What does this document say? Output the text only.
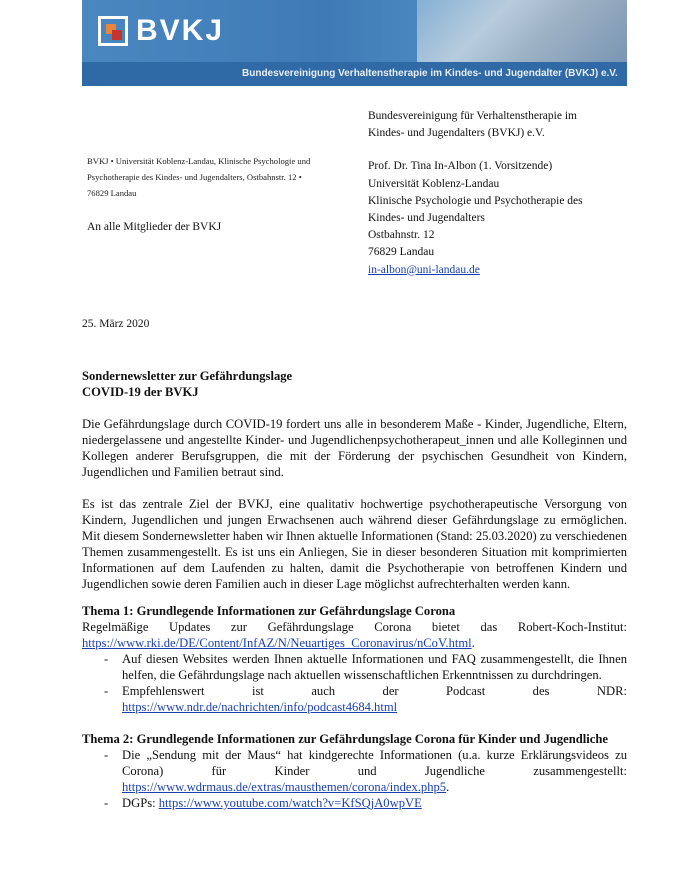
BVKJ
Bundesvereinigung Verhaltenstherapie im Kindes- und Jugendalter (BVKJ) e.V.
BVKJ • Universität Koblenz-Landau, Klinische Psychologie und
Psychotherapie des Kindes- und Jugendalters, Ostbahnstr. 12 •
76829 Landau
An alle Mitglieder der BVKJ

Bundesvereinigung für Verhaltenstherapie im

Kindes- und Jugendalters (BVKJ) e.V.

Prof. Dr. Tina In-Albon (1. Vorsitzende)

Universität Koblenz-Landau

Klinische Psychologie und Psychotherapie des

Kindes- und Jugendalters

Ostbahnstr. 12

76829 Landau

in-albon@uni-landau.de

25. März 2020

Sondernewsletter zur Gefährdungslage

COVID-19 der BVKJ

Die Gefährdungslage durch COVID-19 fordert uns alle in besonderem Maße - Kinder, Jugendliche, Eltern, niedergelassene und angestellte Kinder- und Jugendlichenpsychotherapeut_innen und alle Kolleginnen und Kollegen anderer Berufsgruppen, die mit der Förderung der psychischen Gesundheit von Kindern, Jugendlichen und Familien betraut sind.

Es ist das zentrale Ziel der BVKJ, eine qualitativ hochwertige psychotherapeutische Versorgung von Kindern, Jugendlichen und jungen Erwachsenen auch während dieser Gefährdungslage zu ermöglichen. Mit diesem Sondernewsletter haben wir Ihnen aktuelle Informationen (Stand: 25.03.2020) zu verschiedenen Themen zusammengestellt. Es ist uns ein Anliegen, Sie in dieser besonderen Situation mit komprimierten Informationen auf dem Laufenden zu halten, damit die Psychotherapie von betroffenen Kindern und Jugendlichen sowie deren Familien auch in dieser Lage möglichst aufrechterhalten werden kann.

Thema 1: Grundlegende Informationen zur Gefährdungslage Corona

Regelmäßige Updates zur Gefährdungslage Corona bietet das Robert-Koch-Institut: https://www.rki.de/DE/Content/InfAZ/N/Neuartiges_Coronavirus/nCoV.html.

- Auf diesen Websites werden Ihnen aktuelle Informationen und FAQ zusammengestellt, die Ihnen helfen, die Gefährdungslage nach aktuellen wissenschaftlichen Erkenntnissen zu durchdringen.
- Empfehlenswert ist auch der Podcast des NDR: https://www.ndr.de/nachrichten/info/podcast4684.html

Thema 2: Grundlegende Informationen zur Gefährdungslage Corona für Kinder und Jugendliche

- Die „Sendung mit der Maus“ hat kindgerechte Informationen (u.a. kurze Erklärungsvideos zu Corona) für Kinder und Jugendliche zusammengestellt: https://www.wdrmaus.de/extras/mausthemen/corona/index.php5.
- DGPs: https://www.youtube.com/watch?v=KfSQjA0wpVE
